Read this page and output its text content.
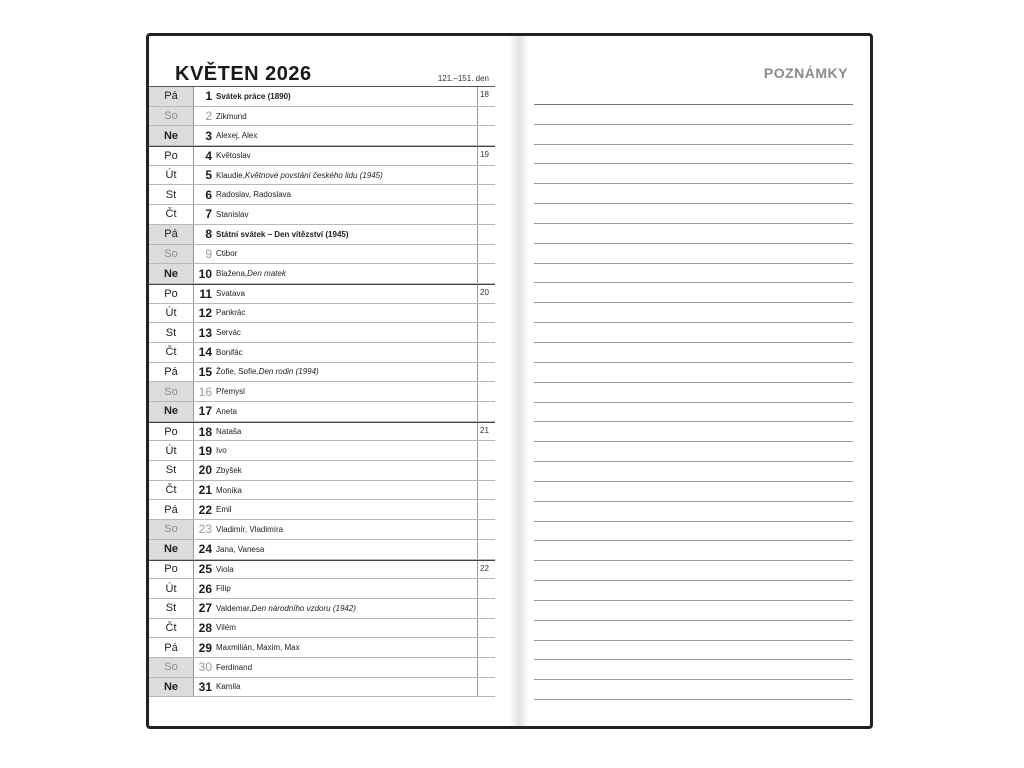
KVĚTEN 2026	121.–151. den
Pá	1 Svátek práce (1890)	18
So	2 Zikmund
Ne	3 Alexej, Alex
Po	4 Květoslav	19
Út	5 Klaudie, Květnové povstání českého lidu (1945)
St	6 Radoslav, Radoslava
Čt	7 Stanislav
Pá	8 Státní svátek – Den vítězství (1945)
So	9 Ctibor
Ne	10 Blažena, Den matek
Po	11 Svatava	20
Út	12 Pankrác
St	13 Servác
Čt	14 Bonifác
Pá	15 Žofie, Sofie, Den rodin (1994)
So	16 Přemysl
Ne	17 Aneta
Po	18 Nataša	21
Út	19 Ivo
St	20 Zbyšek
Čt	21 Monika
Pá	22 Emil
So	23 Vladimír, Vladimíra
Ne	24 Jana, Vanesa
Po	25 Viola	22
Út	26 Filip
St	27 Valdemar, Den národního vzdoru (1942)
Čt	28 Vilém
Pá	29 Maxmilián, Maxim, Max
So	30 Ferdinand
Ne	31 Kamila
POZNÁMKY
